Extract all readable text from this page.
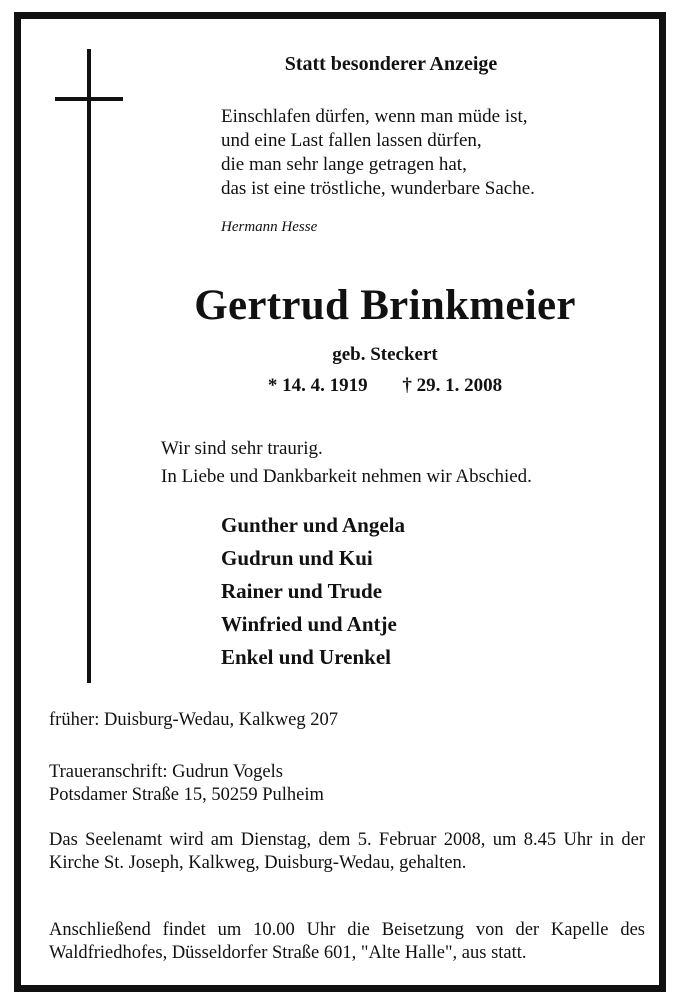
Statt besonderer Anzeige
Einschlafen dürfen, wenn man müde ist,
und eine Last fallen lassen dürfen,
die man sehr lange getragen hat,
das ist eine tröstliche, wunderbare Sache.
Hermann Hesse
Gertrud Brinkmeier
geb. Steckert
* 14. 4. 1919 † 29. 1. 2008
Wir sind sehr traurig.
In Liebe und Dankbarkeit nehmen wir Abschied.
Gunther und Angela
Gudrun und Kui
Rainer und Trude
Winfried und Antje
Enkel und Urenkel
früher: Duisburg-Wedau, Kalkweg 207
Traueranschrift: Gudrun Vogels
Potsdamer Straße 15, 50259 Pulheim
Das Seelenamt wird am Dienstag, dem 5. Februar 2008, um 8.45 Uhr in der Kirche St. Joseph, Kalkweg, Duisburg-Wedau, gehalten.
Anschließend findet um 10.00 Uhr die Beisetzung von der Kapelle des Waldfriedhofes, Düsseldorfer Straße 601, "Alte Halle", aus statt.
